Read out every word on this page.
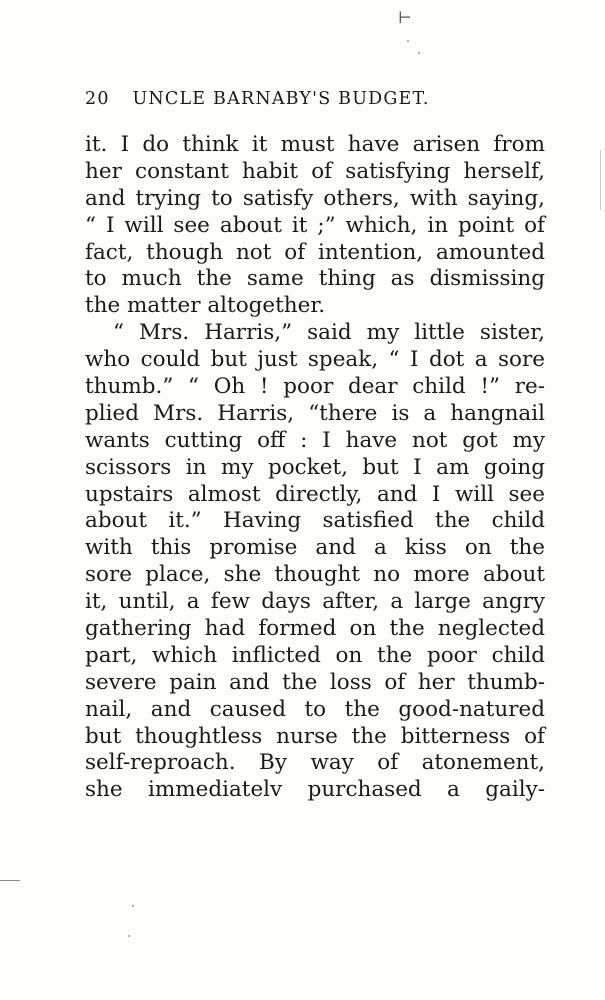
⊢
20 UNCLE BARNABY'S BUDGET.
it. I do think it must have arisen from
her constant habit of satisfying herself,
and trying to satisfy others, with saying,
“ I will see about it ;” which, in point of
fact, though not of intention, amounted
to much the same thing as dismissing
the matter altogether.
“ Mrs. Harris,” said my little sister,
who could but just speak, “ I dot a sore
thumb.” “ Oh ! poor dear child !” re-
plied Mrs. Harris, “there is a hangnail
wants cutting off : I have not got my
scissors in my pocket, but I am going
upstairs almost directly, and I will see
about it.” Having satisfied the child
with this promise and a kiss on the
sore place, she thought no more about
it, until, a few days after, a large angry
gathering had formed on the neglected
part, which inflicted on the poor child
severe pain and the loss of her thumb-
nail, and caused to the good-natured
but thoughtless nurse the bitterness of
self-reproach. By way of atonement,
she immediatelv purchased a gaily-
